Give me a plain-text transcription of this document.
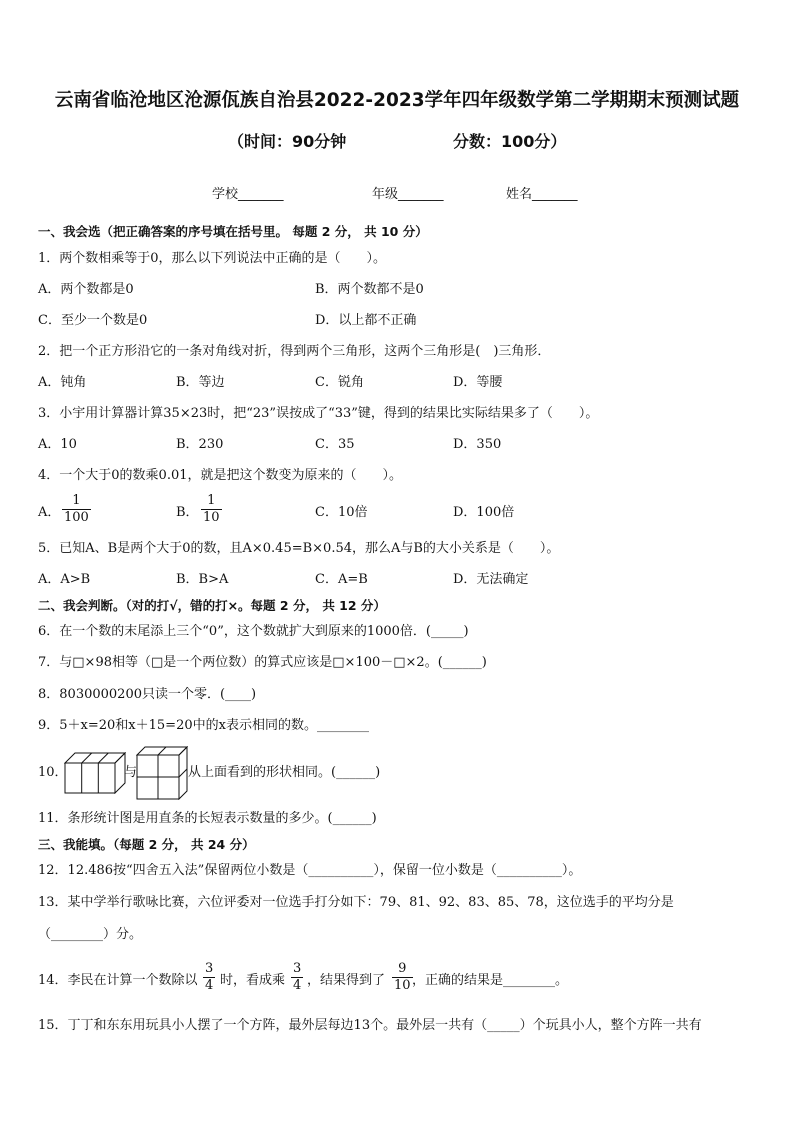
云南省临沧地区沧源佤族自治县2022-2023学年四年级数学第二学期期末预测试题
（时间：90分钟	分数：100分）
学校_______	年级_______	姓名_______
一、我会选（把正确答案的序号填在括号里。 每题 2 分， 共 10 分）
1．两个数相乘等于0，那么以下列说法中正确的是（　　）。
A．两个数都是0	B．两个数都不是0
C．至少一个数是0	D．以上都不正确
2．把一个正方形沿它的一条对角线对折，得到两个三角形，这两个三角形是(　)三角形．
A．钝角	B．等边	C．锐角	D．等腰
3．小宇用计算器计算35×23时，把“23”误按成了“33”键，得到的结果比实际结果多了（　　）。
A．10	B．230	C．35	D．350
4．一个大于0的数乘0.01，就是把这个数变为原来的（　　）。
A．
1
100	B．
1
10	C．10倍	D．100倍
5．已知A、B是两个大于0的数，且A×0.45=B×0.54，那么A与B的大小关系是（　　）。
A．A>B	B．B>A	C．A=B	D．无法确定
二、我会判断。（对的打√，错的打×。每题 2 分， 共 12 分）
6．在一个数的末尾添上三个“0”，这个数就扩大到原来的1000倍．(_____)
7．与□×98相等（□是一个两位数）的算式应该是□×100－□×2。(______)
8．8030000200只读一个零．(____)
9．5＋x=20和x＋15=20中的x表示相同的数。________
10．	与	从上面看到的形状相同。(______)
11．条形统计图是用直条的长短表示数量的多少。(______)
三、我能填。（每题 2 分， 共 24 分）
12．12.486按“四舍五入法”保留两位小数是（__________），保留一位小数是（__________）。
13．某中学举行歌咏比赛，六位评委对一位选手打分如下：79、81、92、83、85、78，这位选手的平均分是
（________）分。
14．李民在计算一个数除以
3
4 时，看成乘
3
4 ，结果得到了
9
10 ，正确的结果是________。
15．丁丁和东东用玩具小人摆了一个方阵，最外层每边13个。最外层一共有（_____）个玩具小人，整个方阵一共有
